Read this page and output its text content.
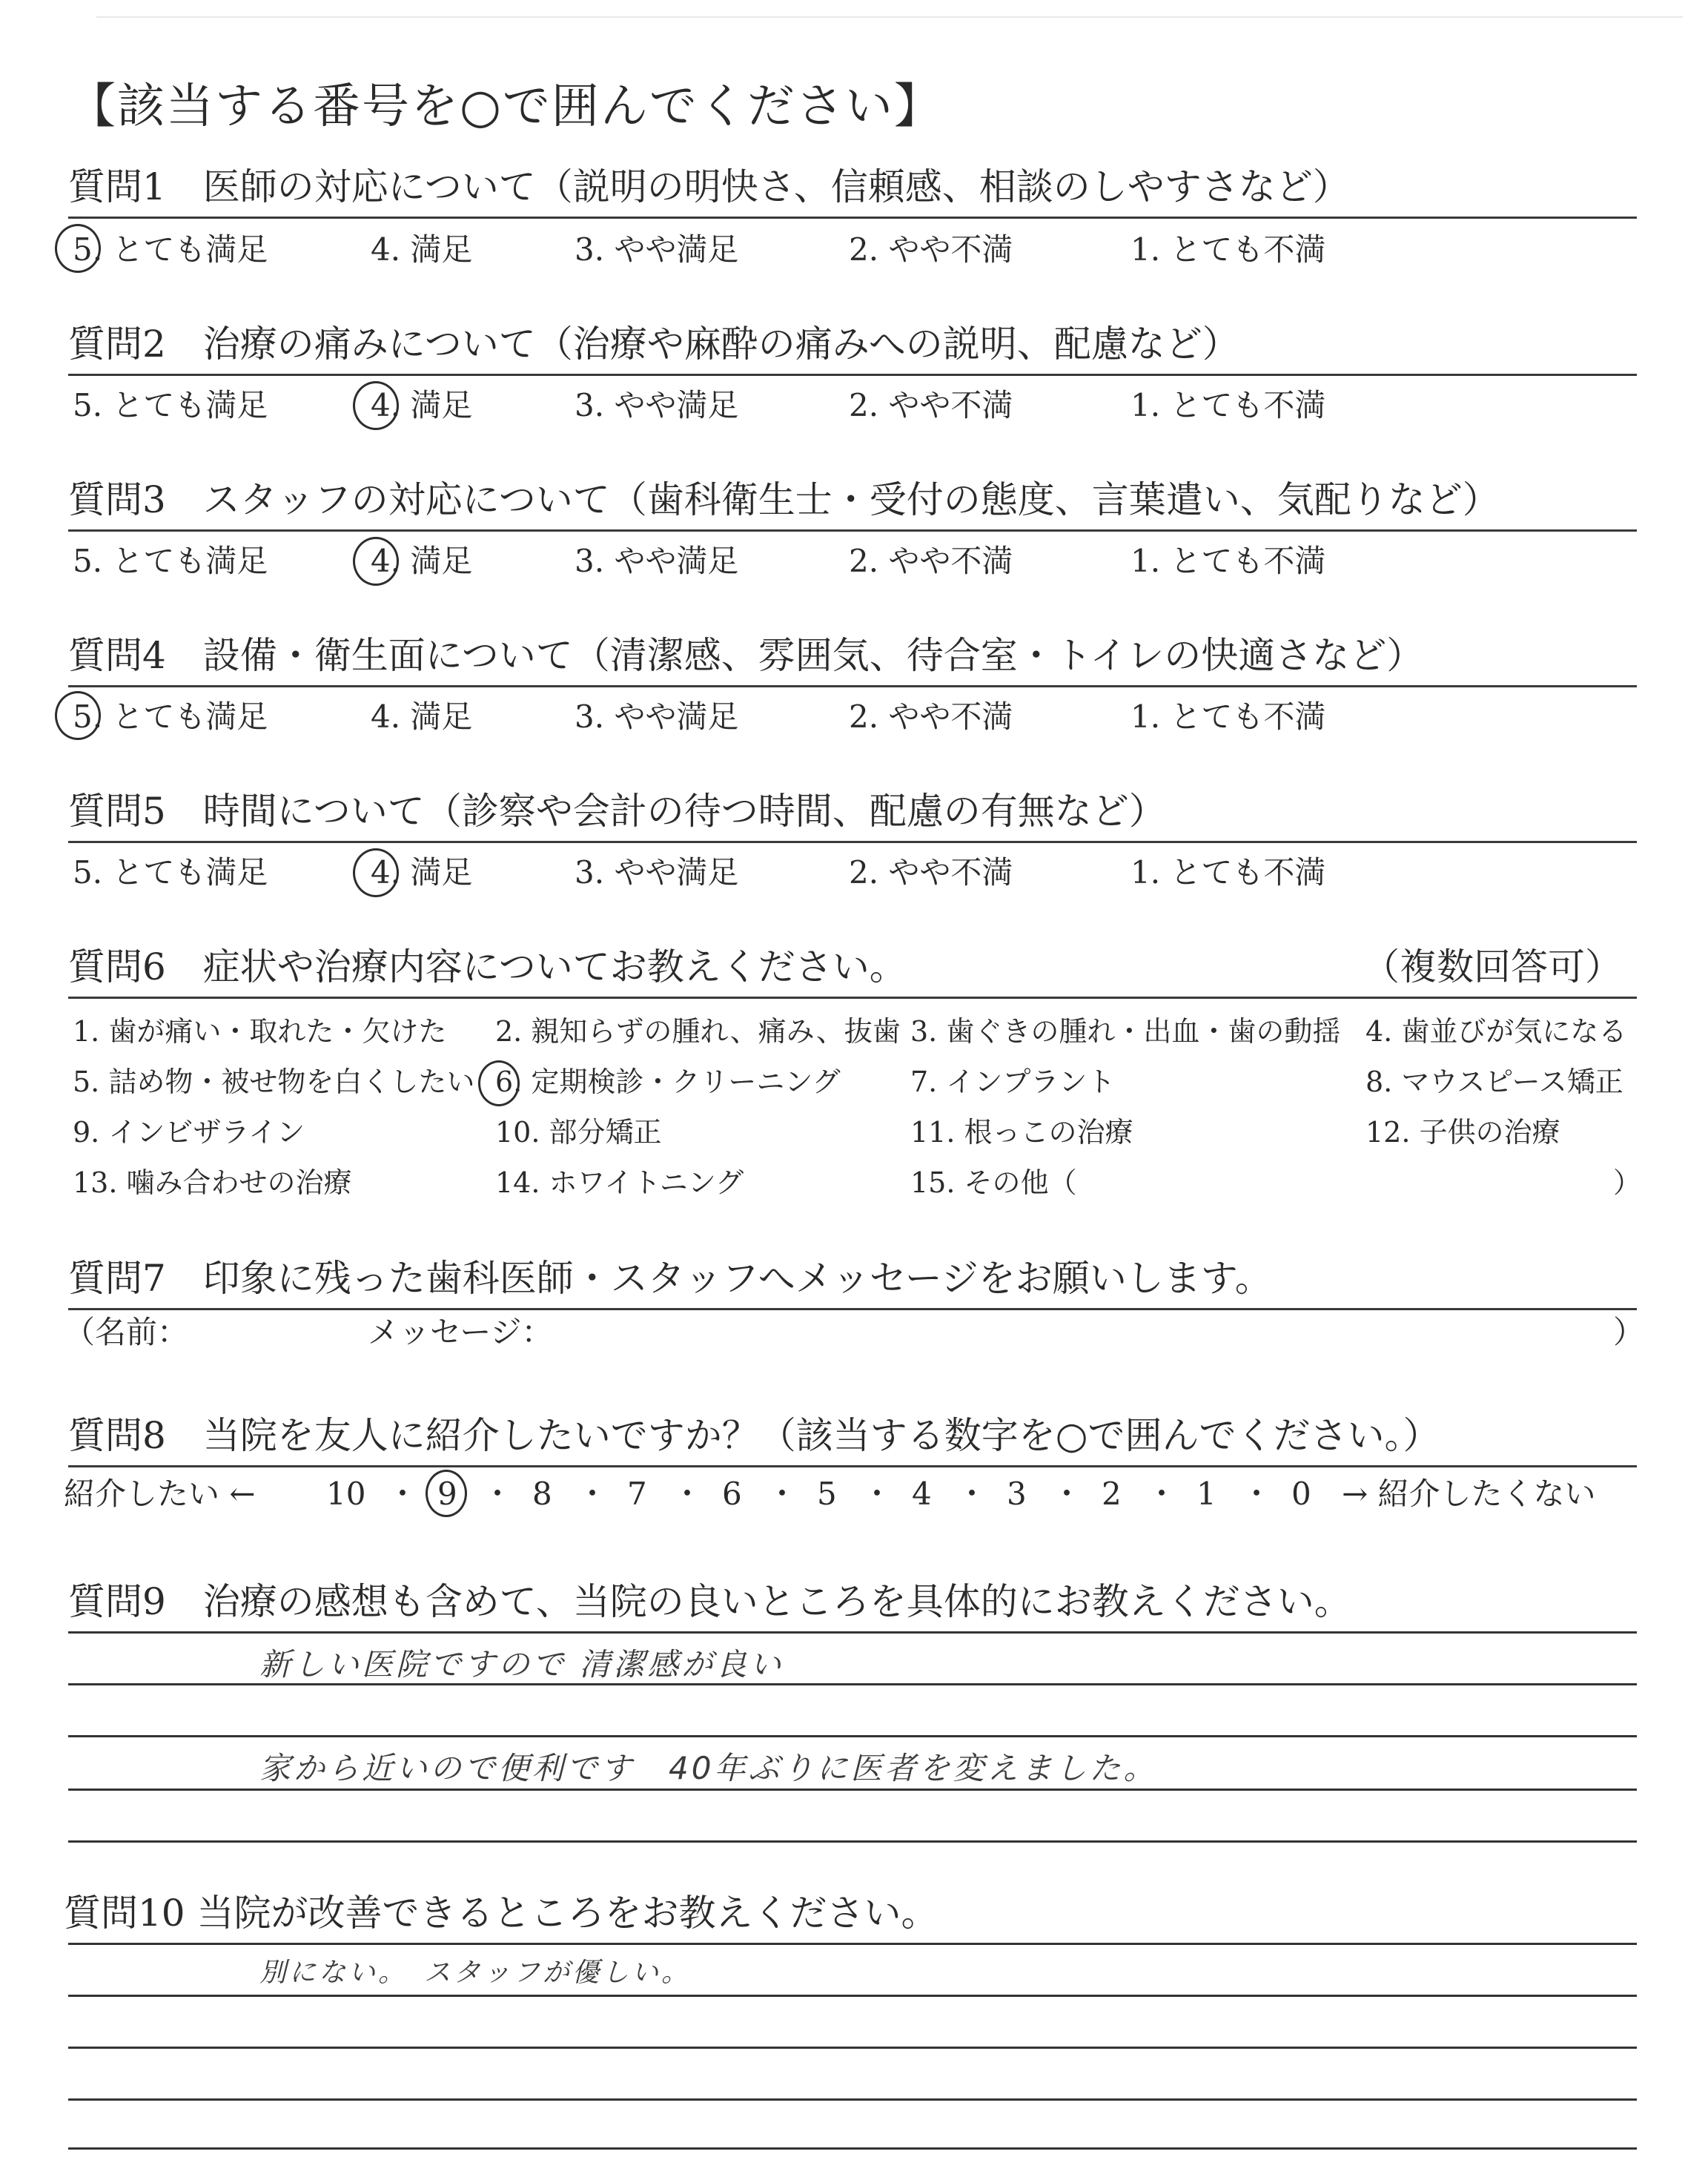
【該当する番号を○で囲んでください】
質問1　医師の対応について（説明の明快さ、信頼感、相談のしやすさなど）
5. とても満足	4. 満足	3. やや満足	2. やや不満	1. とても不満
質問2　治療の痛みについて（治療や麻酔の痛みへの説明、配慮など）
5. とても満足	4. 満足	3. やや満足	2. やや不満	1. とても不満
質問3　スタッフの対応について（歯科衛生士・受付の態度、言葉遣い、気配りなど）
5. とても満足	4. 満足	3. やや満足	2. やや不満	1. とても不満
質問4　設備・衛生面について（清潔感、雰囲気、待合室・トイレの快適さなど）
5. とても満足	4. 満足	3. やや満足	2. やや不満	1. とても不満
質問5　時間について（診察や会計の待つ時間、配慮の有無など）
5. とても満足	4. 満足	3. やや満足	2. やや不満	1. とても不満
質問6　症状や治療内容についてお教えください。	（複数回答可）
1. 歯が痛い・取れた・欠けた 2. 親知らずの腫れ、痛み、抜歯 3. 歯ぐきの腫れ・出血・歯の動揺 4. 歯並びが気になる
5. 詰め物・被せ物を白くしたい 6. 定期検診・クリーニング 7. インプラント	8. マウスピース矯正
9. インビザライン	10. 部分矯正	11. 根っこの治療	12. 子供の治療
13. 噛み合わせの治療	14. ホワイトニング	15. その他（	）
質問7　印象に残った歯科医師・スタッフへメッセージをお願いします。
（名前：	メッセージ：	）
質問8　当院を友人に紹介したいですか？（該当する数字を○で囲んでください。）
紹介したい ← 10 ・ 9 ・ 8 ・ 7 ・ 6 ・ 5 ・ 4 ・ 3 ・ 2 ・ 1 ・ 0 → 紹介したくない
質問9　治療の感想も含めて、当院の良いところを具体的にお教えください。
新しい医院ですので 清潔感が良い
家から近いので便利です　40年ぶりに医者を変えました。
質問10 当院が改善できるところをお教えください。
別にない。　スタッフが優しい。
